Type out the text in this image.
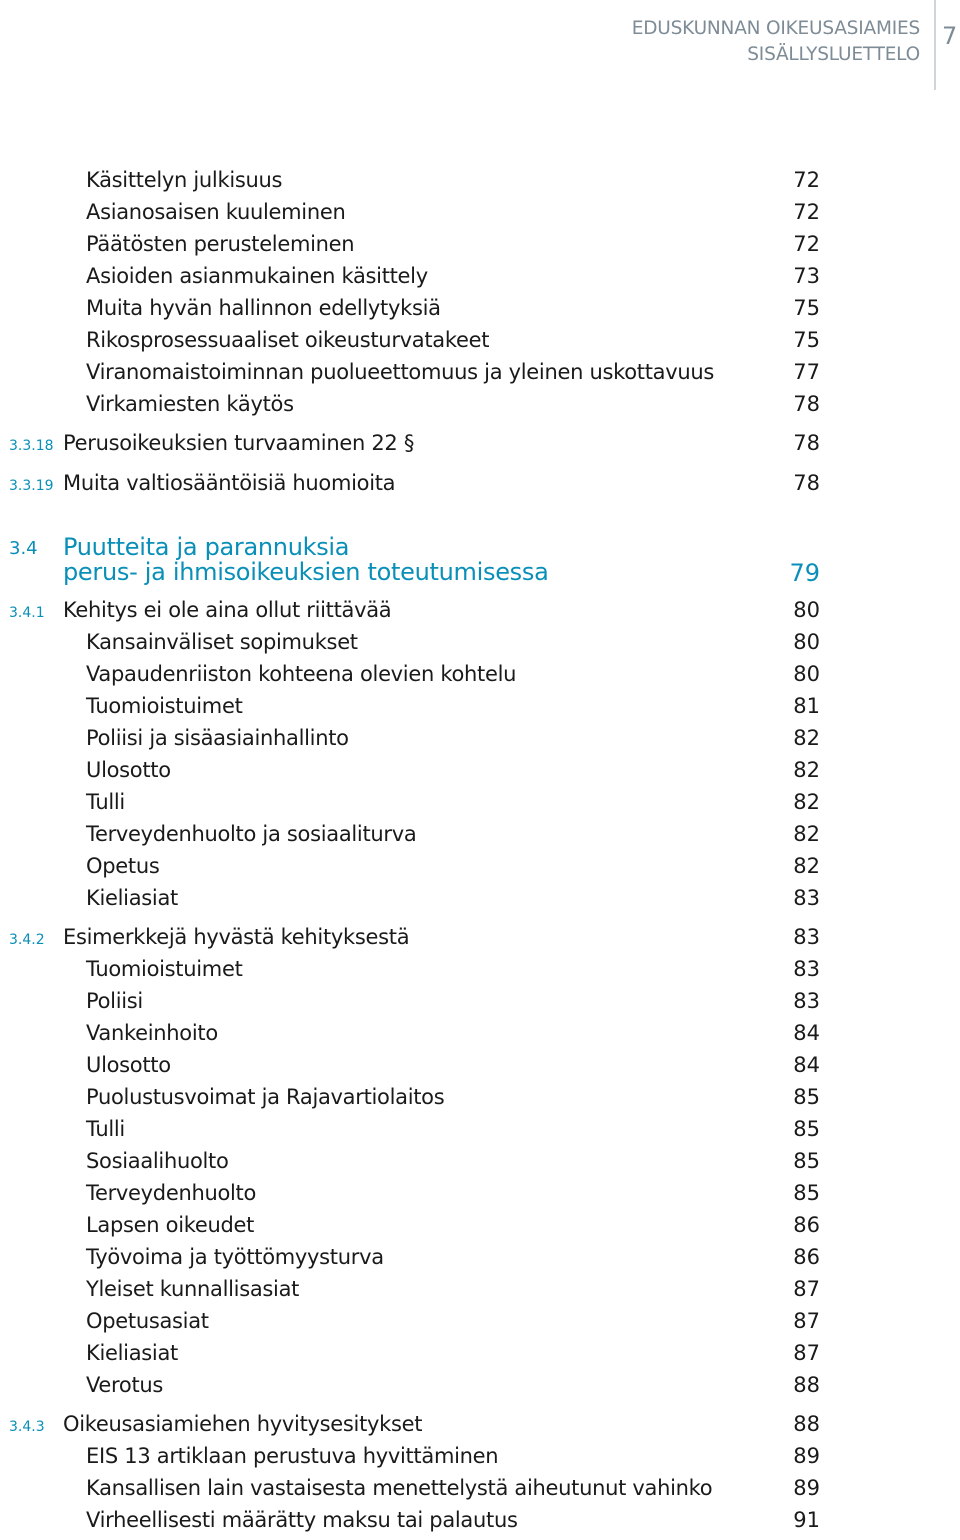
EDUSKUNNAN OIKEUSASIAMIES
SISÄLLYSLUETTELO
7
Käsittelyn julkisuus	72
Asianosaisen kuuleminen	72
Päätösten perusteleminen	72
Asioiden asianmukainen käsittely	73
Muita hyvän hallinnon edellytyksiä	75
Rikosprosessuaaliset oikeusturvatakeet	75
Viranomaistoiminnan puolueettomuus ja yleinen uskottavuus	77
Virkamiesten käytös	78
3.3.18 Perusoikeuksien turvaaminen 22 §	78
3.3.19 Muita valtiosääntöisiä huomioita	78
3.4 Puutteita ja parannuksia
perus- ja ihmisoikeuksien toteutumisessa	79
3.4.1 Kehitys ei ole aina ollut riittävää	80
Kansainväliset sopimukset	80
Vapaudenriiston kohteena olevien kohtelu	80
Tuomioistuimet	81
Poliisi ja sisäasiainhallinto	82
Ulosotto	82
Tulli	82
Terveydenhuolto ja sosiaaliturva	82
Opetus	82
Kieliasiat	83
3.4.2 Esimerkkejä hyvästä kehityksestä	83
Tuomioistuimet	83
Poliisi	83
Vankeinhoito	84
Ulosotto	84
Puolustusvoimat ja Rajavartiolaitos	85
Tulli	85
Sosiaalihuolto	85
Terveydenhuolto	85
Lapsen oikeudet	86
Työvoima ja työttömyysturva	86
Yleiset kunnallisasiat	87
Opetusasiat	87
Kieliasiat	87
Verotus	88
3.4.3 Oikeusasiamiehen hyvitysesitykset	88
EIS 13 artiklaan perustuva hyvittäminen	89
Kansallisen lain vastaisesta menettelystä aiheutunut vahinko	89
Virheellisesti määrätty maksu tai palautus	91
